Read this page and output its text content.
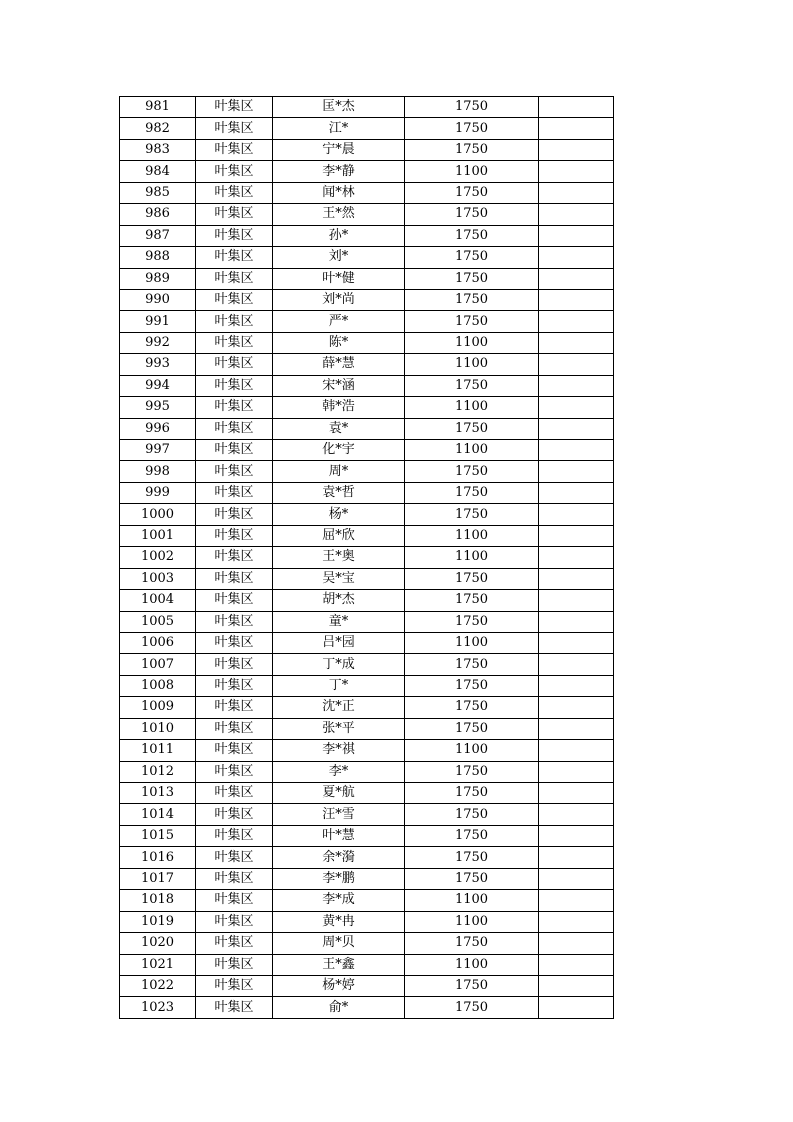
981	叶集区	匡*杰	1750	
982	叶集区	江*	1750	
983	叶集区	宁*晨	1750	
984	叶集区	李*静	1100	
985	叶集区	闻*林	1750	
986	叶集区	王*然	1750	
987	叶集区	孙*	1750	
988	叶集区	刘*	1750	
989	叶集区	叶*健	1750	
990	叶集区	刘*尚	1750	
991	叶集区	严*	1750	
992	叶集区	陈*	1100	
993	叶集区	薛*慧	1100	
994	叶集区	宋*涵	1750	
995	叶集区	韩*浩	1100	
996	叶集区	袁*	1750	
997	叶集区	化*宇	1100	
998	叶集区	周*	1750	
999	叶集区	袁*哲	1750	
1000	叶集区	杨*	1750	
1001	叶集区	屈*欣	1100	
1002	叶集区	王*奥	1100	
1003	叶集区	吴*宝	1750	
1004	叶集区	胡*杰	1750	
1005	叶集区	童*	1750	
1006	叶集区	吕*园	1100	
1007	叶集区	丁*成	1750	
1008	叶集区	丁*	1750	
1009	叶集区	沈*正	1750	
1010	叶集区	张*平	1750	
1011	叶集区	李*祺	1100	
1012	叶集区	李*	1750	
1013	叶集区	夏*航	1750	
1014	叶集区	汪*雪	1750	
1015	叶集区	叶*慧	1750	
1016	叶集区	余*漪	1750	
1017	叶集区	李*鹏	1750	
1018	叶集区	李*成	1100	
1019	叶集区	黄*冉	1100	
1020	叶集区	周*贝	1750	
1021	叶集区	王*鑫	1100	
1022	叶集区	杨*婷	1750	
1023	叶集区	俞*	1750	
